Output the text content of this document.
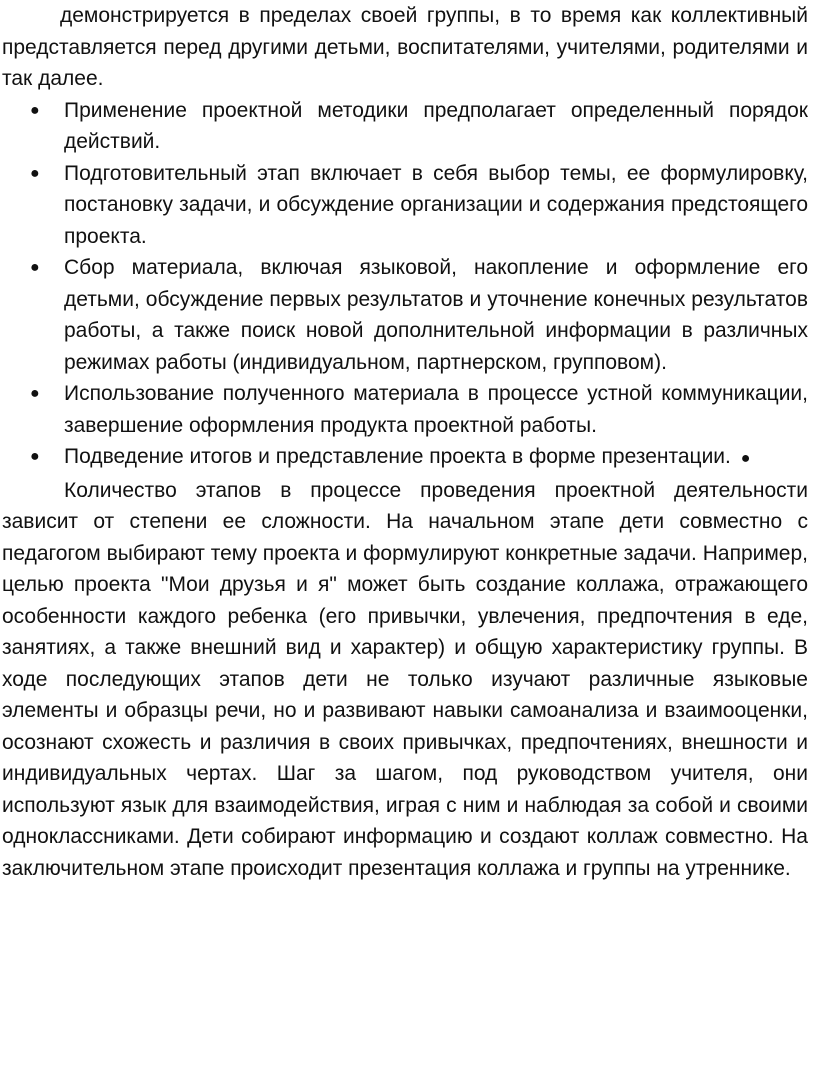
демонстрируется в пределах своей группы, в то время как коллективный представляется перед другими детьми, воспитателями, учителями, родителями и так далее.

● Применение проектной методики предполагает определенный порядок действий.
● Подготовительный этап включает в себя выбор темы, ее формулировку, постановку задачи, и обсуждение организации и содержания предстоящего проекта.
● Сбор материала, включая языковой, накопление и оформление его детьми, обсуждение первых результатов и уточнение конечных результатов работы, а также поиск новой дополнительной информации в различных режимах работы (индивидуальном, партнерском, групповом).
● Использование полученного материала в процессе устной коммуникации, завершение оформления продукта проектной работы.
● Подведение итогов и представление проекта в форме презентации. ●

Количество этапов в процессе проведения проектной деятельности зависит от степени ее сложности. На начальном этапе дети совместно с педагогом выбирают тему проекта и формулируют конкретные задачи. Например, целью проекта "Мои друзья и я" может быть создание коллажа, отражающего особенности каждого ребенка (его привычки, увлечения, предпочтения в еде, занятиях, а также внешний вид и характер) и общую характеристику группы. В ходе последующих этапов дети не только изучают различные языковые элементы и образцы речи, но и развивают навыки самоанализа и взаимооценки, осознают схожесть и различия в своих привычках, предпочтениях, внешности и индивидуальных чертах. Шаг за шагом, под руководством учителя, они используют язык для взаимодействия, играя с ним и наблюдая за собой и своими одноклассниками. Дети собирают информацию и создают коллаж совместно. На заключительном этапе происходит презентация коллажа и группы на утреннике.
